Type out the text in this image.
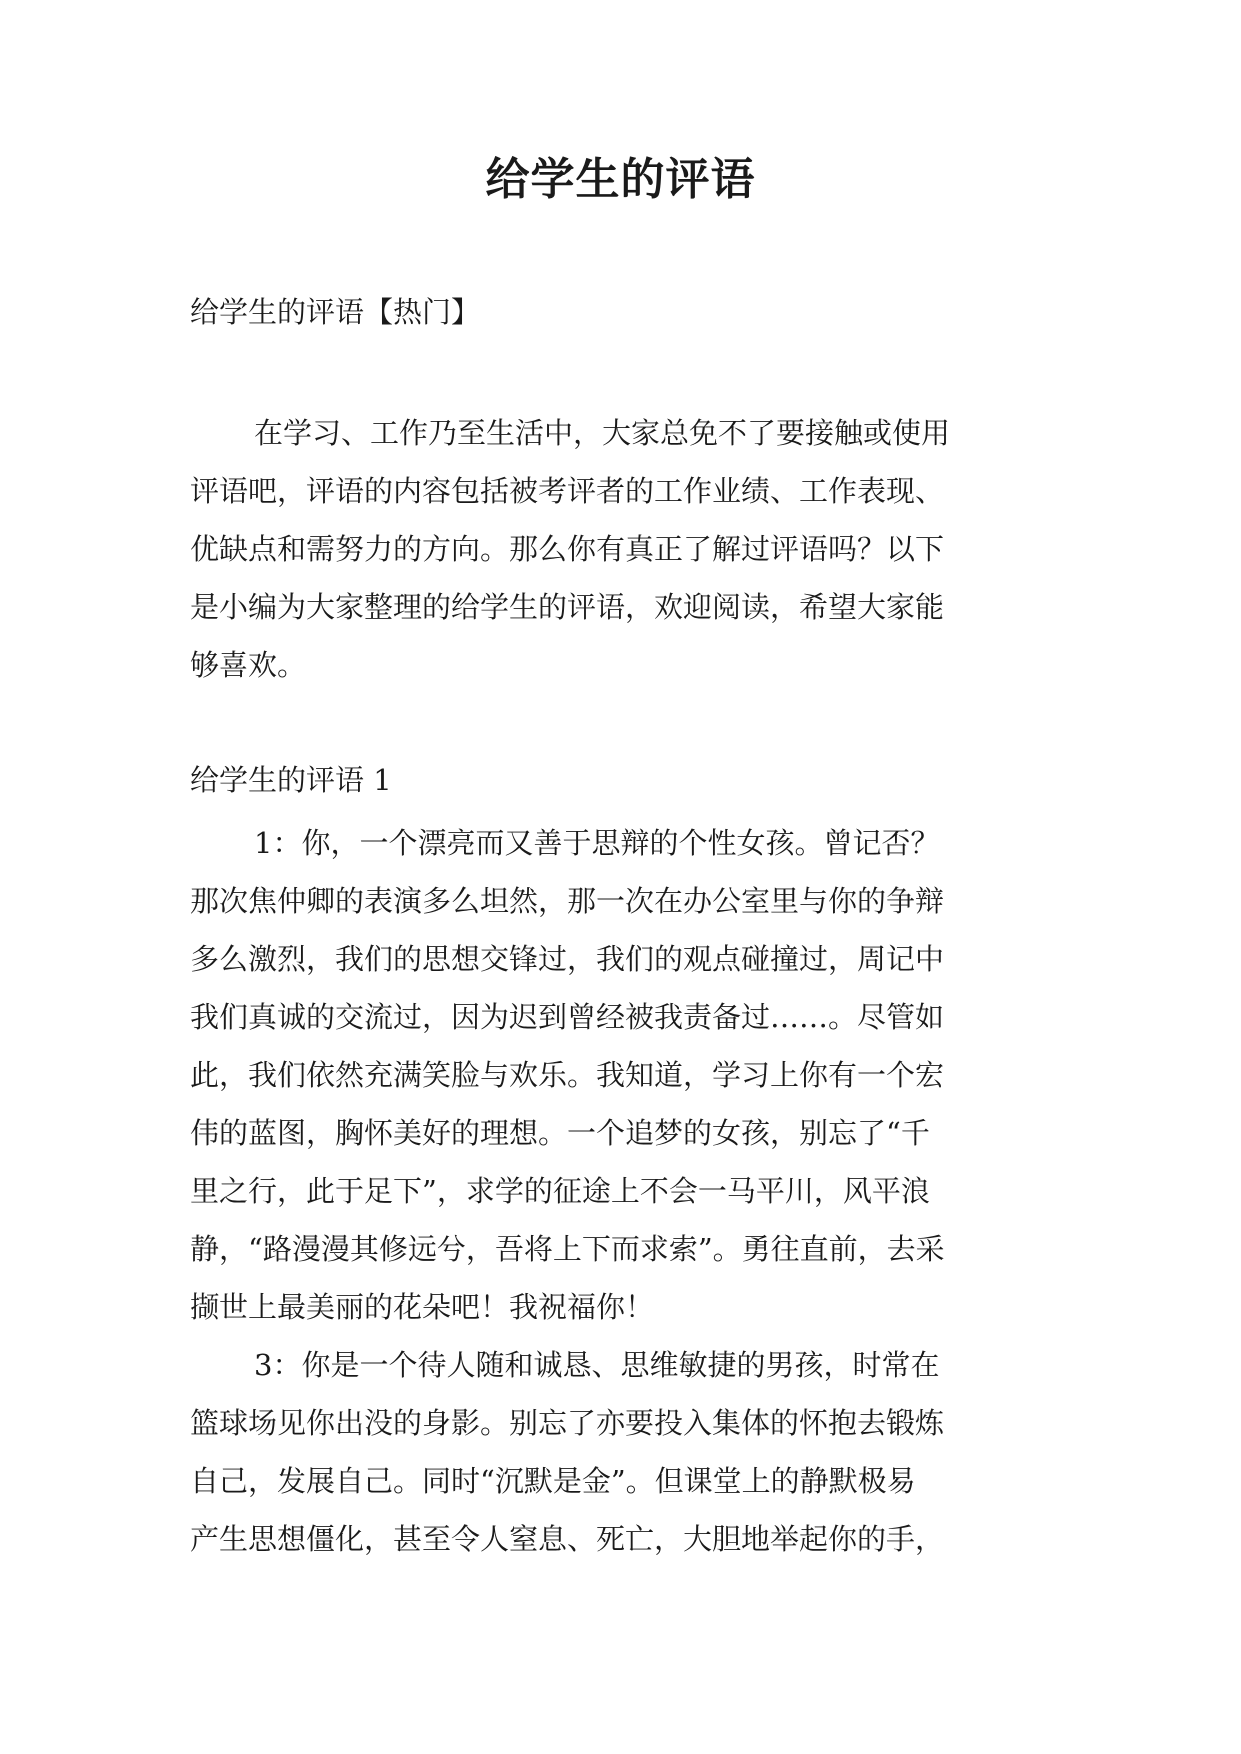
给学生的评语
给学生的评语【热门】
在学习、工作乃至生活中，大家总免不了要接触或使用
评语吧，评语的内容包括被考评者的工作业绩、工作表现、
优缺点和需努力的方向。那么你有真正了解过评语吗？以下
是小编为大家整理的给学生的评语，欢迎阅读，希望大家能
够喜欢。
给学生的评语 1
1：你，一个漂亮而又善于思辩的个性女孩。曾记否？
那次焦仲卿的表演多么坦然，那一次在办公室里与你的争辩
多么激烈，我们的思想交锋过，我们的观点碰撞过，周记中
我们真诚的交流过，因为迟到曾经被我责备过……。尽管如
此，我们依然充满笑脸与欢乐。我知道，学习上你有一个宏
伟的蓝图，胸怀美好的理想。一个追梦的女孩，别忘了“千
里之行，此于足下”，求学的征途上不会一马平川，风平浪
静，“路漫漫其修远兮，吾将上下而求索”。勇往直前，去采
撷世上最美丽的花朵吧！我祝福你！
3：你是一个待人随和诚恳、思维敏捷的男孩，时常在
篮球场见你出没的身影。别忘了亦要投入集体的怀抱去锻炼
自己，发展自己。同时“沉默是金”。但课堂上的静默极易
产生思想僵化，甚至令人窒息、死亡，大胆地举起你的手，
